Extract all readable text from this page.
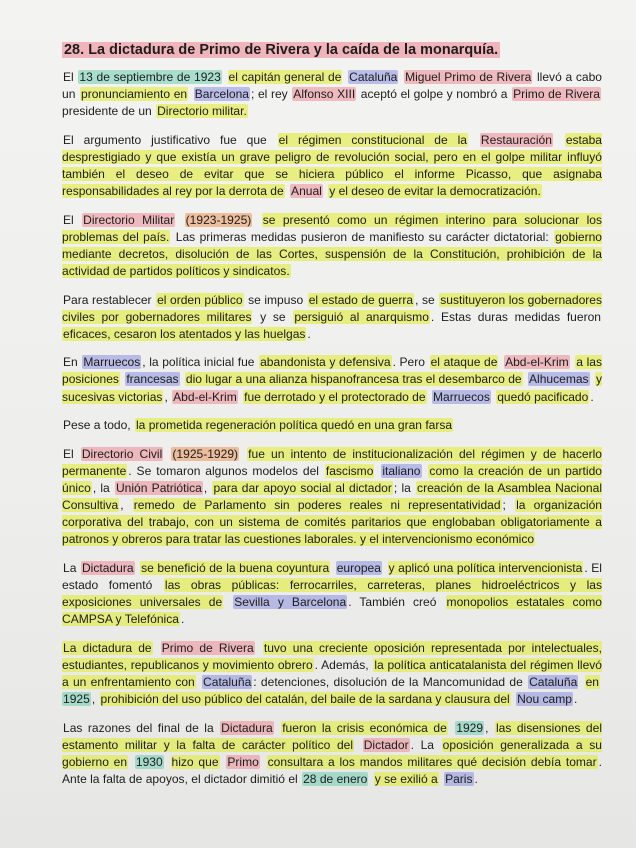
28. La dictadura de Primo de Rivera y la caída de la monarquía.

El 13 de septiembre de 1923 el capitán general de Cataluña Miguel Primo de Rivera llevó a cabo un pronunciamiento en Barcelona ; el rey Alfonso XIII aceptó el golpe y nombró a Primo de Rivera presidente de un Directorio militar.

El argumento justificativo fue que el régimen constitucional de la Restauración estaba desprestigiado y que existía un grave peligro de revolución social, pero en el golpe militar influyó también el deseo de evitar que se hiciera público el informe Picasso, que asignaba responsabilidades al rey por la derrota de Anual y el deseo de evitar la democratización.

El Directorio Militar (1923-1925) se presentó como un régimen interino para solucionar los problemas del país. Las primeras medidas pusieron de manifiesto su carácter dictatorial: gobierno mediante decretos, disolución de las Cortes, suspensión de la Constitución, prohibición de la actividad de partidos políticos y sindicatos.

Para restablecer el orden público se impuso el estado de guerra , se sustituyeron los gobernadores civiles por gobernadores militares y se persiguió al anarquismo . Estas duras medidas fueron eficaces, cesaron los atentados y las huelgas .

En Marruecos , la política inicial fue abandonista y defensiva . Pero el ataque de Abd-el-Krim a las posiciones francesas dio lugar a una alianza hispanofrancesa tras el desembarco de Alhucemas y sucesivas victorias , Abd-el-Krim fue derrotado y el protectorado de Marruecos quedó pacificado .

Pese a todo, la prometida regeneración política quedó en una gran farsa

El Directorio Civil (1925-1929) fue un intento de institucionalización del régimen y de hacerlo permanente . Se tomaron algunos modelos del fascismo italiano como la creación de un partido único , la Unión Patriótica , para dar apoyo social al dictador ; la creación de la Asamblea Nacional Consultiva , remedo de Parlamento sin poderes reales ni representatividad ; la organización corporativa del trabajo, con un sistema de comités paritarios que englobaban obligatoriamente a patronos y obreros para tratar las cuestiones laborales. y el intervencionismo económico

La Dictadura se benefició de la buena coyuntura europea y aplicó una política intervencionista . El estado fomentó las obras públicas: ferrocarriles, carreteras, planes hidroeléctricos y las exposiciones universales de Sevilla y Barcelona . También creó monopolios estatales como CAMPSA y Telefónica .

La dictadura de Primo de Rivera tuvo una creciente oposición representada por intelectuales, estudiantes, republicanos y movimiento obrero . Además, la política anticatalanista del régimen llevó a un enfrentamiento con Cataluña : detenciones, disolución de la Mancomunidad de Cataluña en 1925 , prohibición del uso público del catalán, del baile de la sardana y clausura del Nou camp .

Las razones del final de la Dictadura fueron la crisis económica de 1929 , las disensiones del estamento militar y la falta de carácter político del Dictador . La oposición generalizada a su gobierno en 1930 hizo que Primo consultara a los mandos militares qué decisión debía tomar . Ante la falta de apoyos, el dictador dimitió el 28 de enero y se exilió a Paris .
